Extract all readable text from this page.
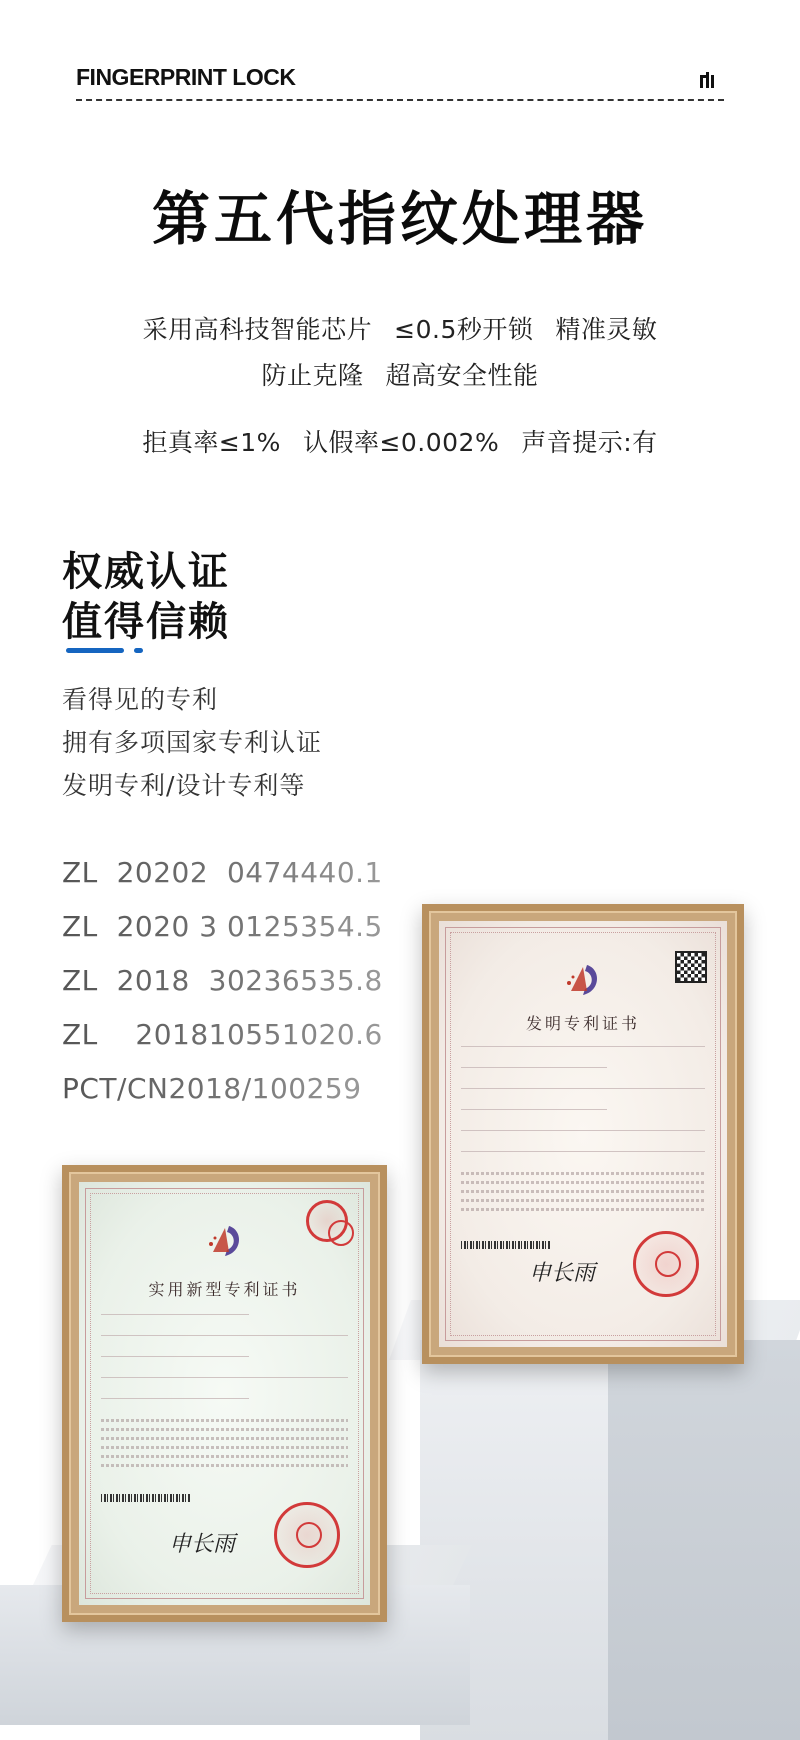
FINGERPRINT LOCK
第五代指纹处理器
采用高科技智能芯片 ≤0.5秒开锁 精准灵敏
防止克隆 超高安全性能
拒真率≤1% 认假率≤0.002% 声音提示:有
权威认证
值得信赖
看得见的专利
拥有多项国家专利认证
发明专利/设计专利等
ZL  20202  0474440.1
ZL  2020 3 0125354.5
ZL  2018  30236535.8
ZL    201810551020.6
PCT/CN2018/100259
发明专利证书
申长雨
实用新型专利证书
申长雨
